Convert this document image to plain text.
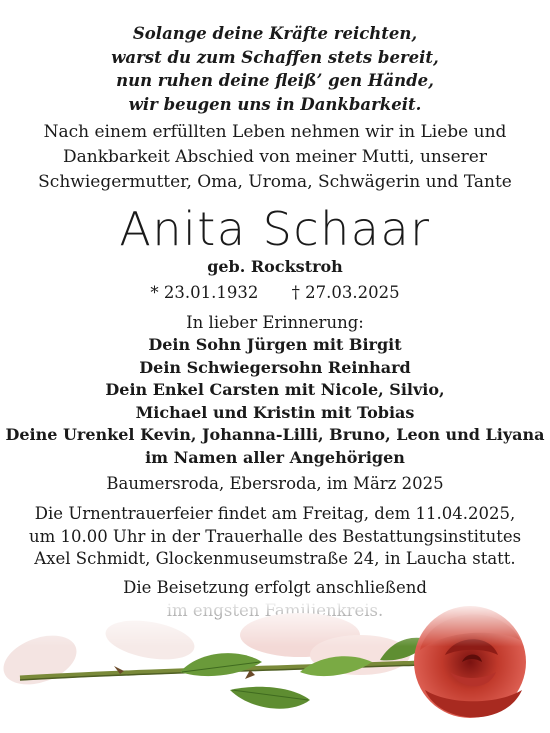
Solange deine Kräfte reichten,
warst du zum Schaffen stets bereit,
nun ruhen deine fleiß’ gen Hände,
wir beugen uns in Dankbarkeit.
Nach einem erfüllten Leben nehmen wir in Liebe und
Dankbarkeit Abschied von meiner Mutti, unserer
Schwiegermutter, Oma, Uroma, Schwägerin und Tante
Anita Schaar
geb. Rockstroh
* 23.01.1932 † 27.03.2025
In lieber Erinnerung:
Dein Sohn Jürgen mit Birgit
Dein Schwiegersohn Reinhard
Dein Enkel Carsten mit Nicole, Silvio,
Michael und Kristin mit Tobias
Deine Urenkel Kevin, Johanna-Lilli, Bruno, Leon und Liyana
im Namen aller Angehörigen
Baumersroda, Ebersroda, im März 2025
Die Urnentrauerfeier findet am Freitag, dem 11.04.2025,
um 10.00 Uhr in der Trauerhalle des Bestattungsinstitutes
Axel Schmidt, Glockenmuseumstraße 24, in Laucha statt.
Die Beisetzung erfolgt anschließend
